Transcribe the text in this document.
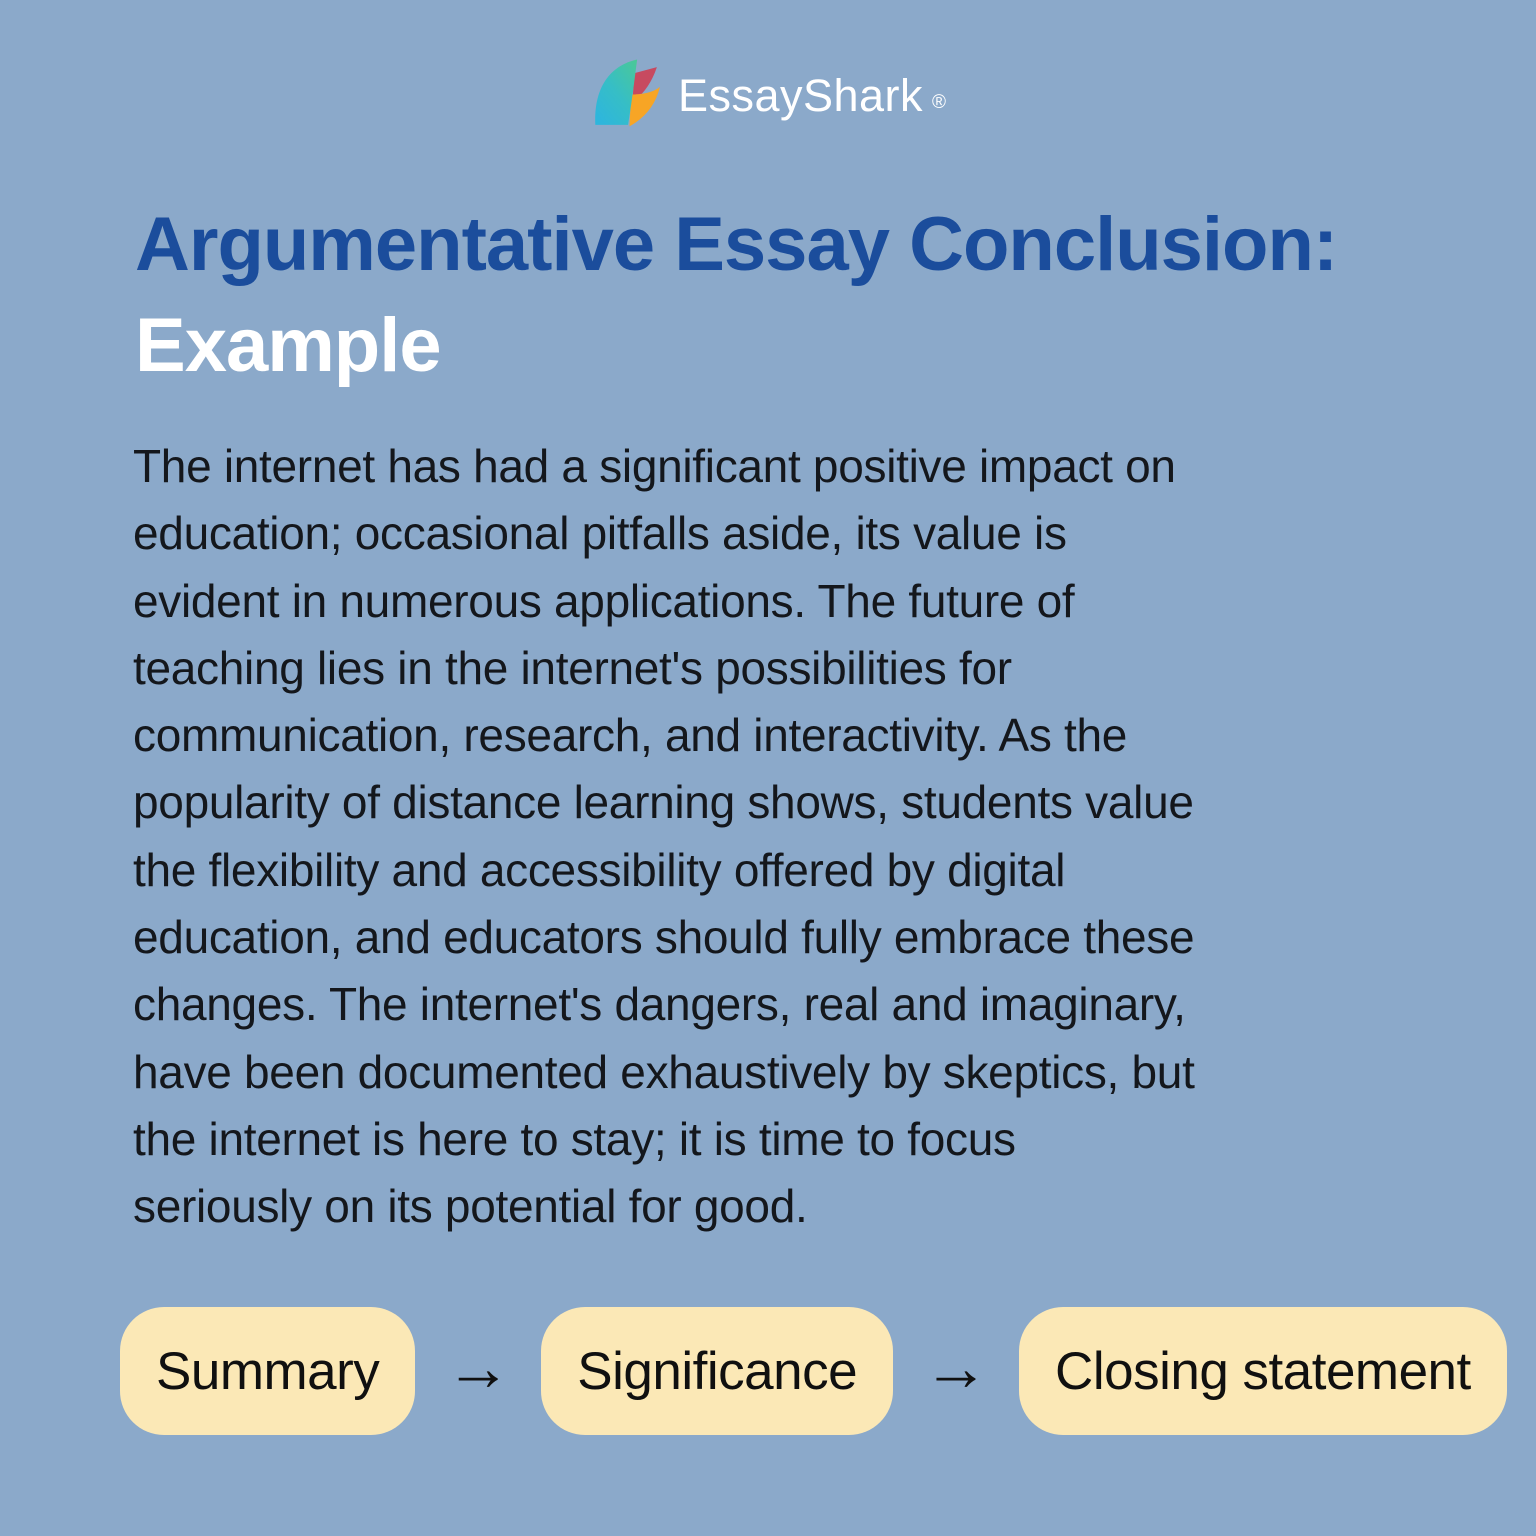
EssayShark ®
Argumentative Essay Conclusion:
Example
The internet has had a significant positive impact on
education; occasional pitfalls aside, its value is
evident in numerous applications. The future of
teaching lies in the internet's possibilities for
communication, research, and interactivity. As the
popularity of distance learning shows, students value
the flexibility and accessibility offered by digital
education, and educators should fully embrace these
changes. The internet's dangers, real and imaginary,
have been documented exhaustively by skeptics, but
the internet is here to stay; it is time to focus
seriously on its potential for good.
Summary → Significance → Closing statement
